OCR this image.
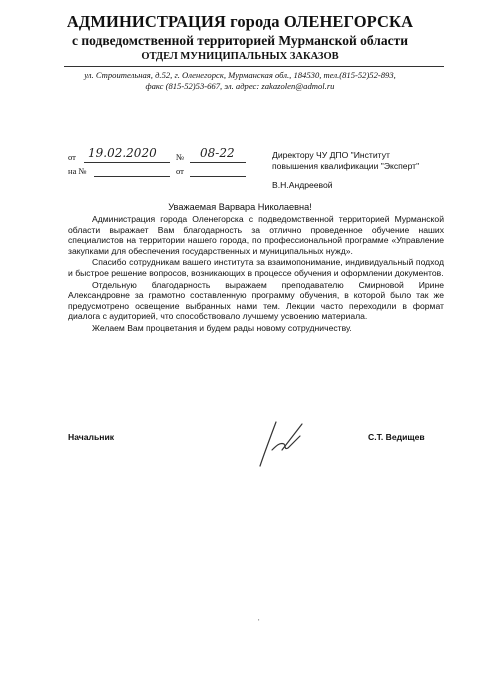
АДМИНИСТРАЦИЯ города ОЛЕНЕГОРСКА
с подведомственной территорией Мурманской области
ОТДЕЛ МУНИЦИПАЛЬНЫХ ЗАКАЗОВ
ул. Строительная, д.52, г. Оленегорск, Мурманская обл., 184530, тел.(815-52)52-893,
факс (815-52)53-667, эл. адрес: zakazolen@admol.ru
от 19.02.2020 № 08-22
на №	от
Директору ЧУ ДПО "Институт
повышения квалификации "Эксперт"
В.Н.Андреевой
Уважаемая Варвара Николаевна!

Администрация города Оленегорска с подведомственной территорией Мурманской области выражает Вам благодарность за отлично проведенное обучение наших специалистов на территории нашего города, по профессиональной программе «Управление закупками для обеспечения государственных и муниципальных нужд».

Спасибо сотрудникам вашего института за взаимопонимание, индивидуальный подход и быстрое решение вопросов, возникающих в процессе обучения и оформлении документов.

Отдельную благодарность выражаем преподавателю Смирновой Ирине Александровне за грамотно составленную программу обучения, в которой было так же предусмотрено освещение выбранных нами тем. Лекции часто переходили в формат диалога с аудиторией, что способствовало лучшему усвоению материала.

Желаем Вам процветания и будем рады новому сотрудничеству.

Начальник	С.Т. Ведищев
▪
